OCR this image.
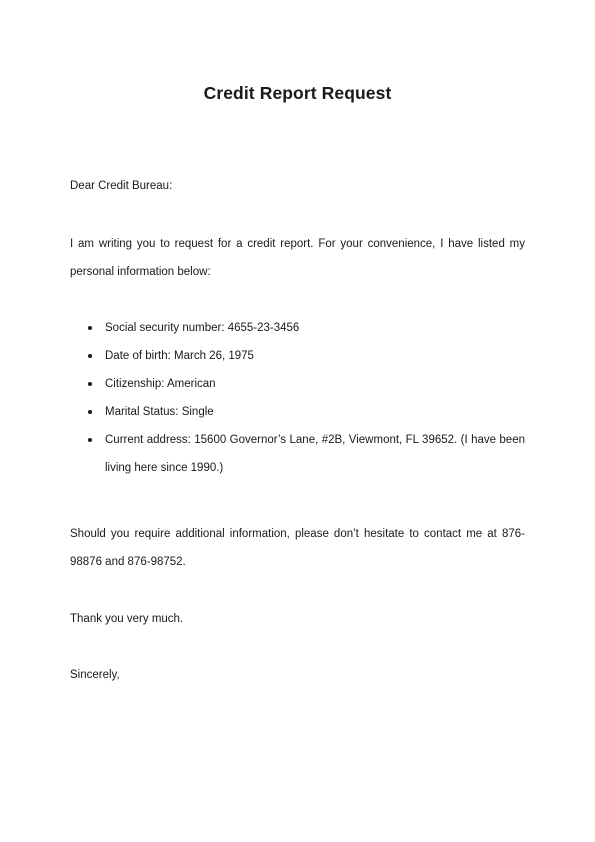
Credit Report Request

Dear Credit Bureau:

I am writing you to request for a credit report. For your convenience, I have listed my personal information below:

Social security number: 4655-23-3456
Date of birth: March 26, 1975
Citizenship: American
Marital Status: Single
Current address: 15600 Governor’s Lane, #2B, Viewmont, FL 39652. (I have been living here since 1990.)

Should you require additional information, please don’t hesitate to contact me at 876-98876 and 876-98752.

Thank you very much.

Sincerely,
